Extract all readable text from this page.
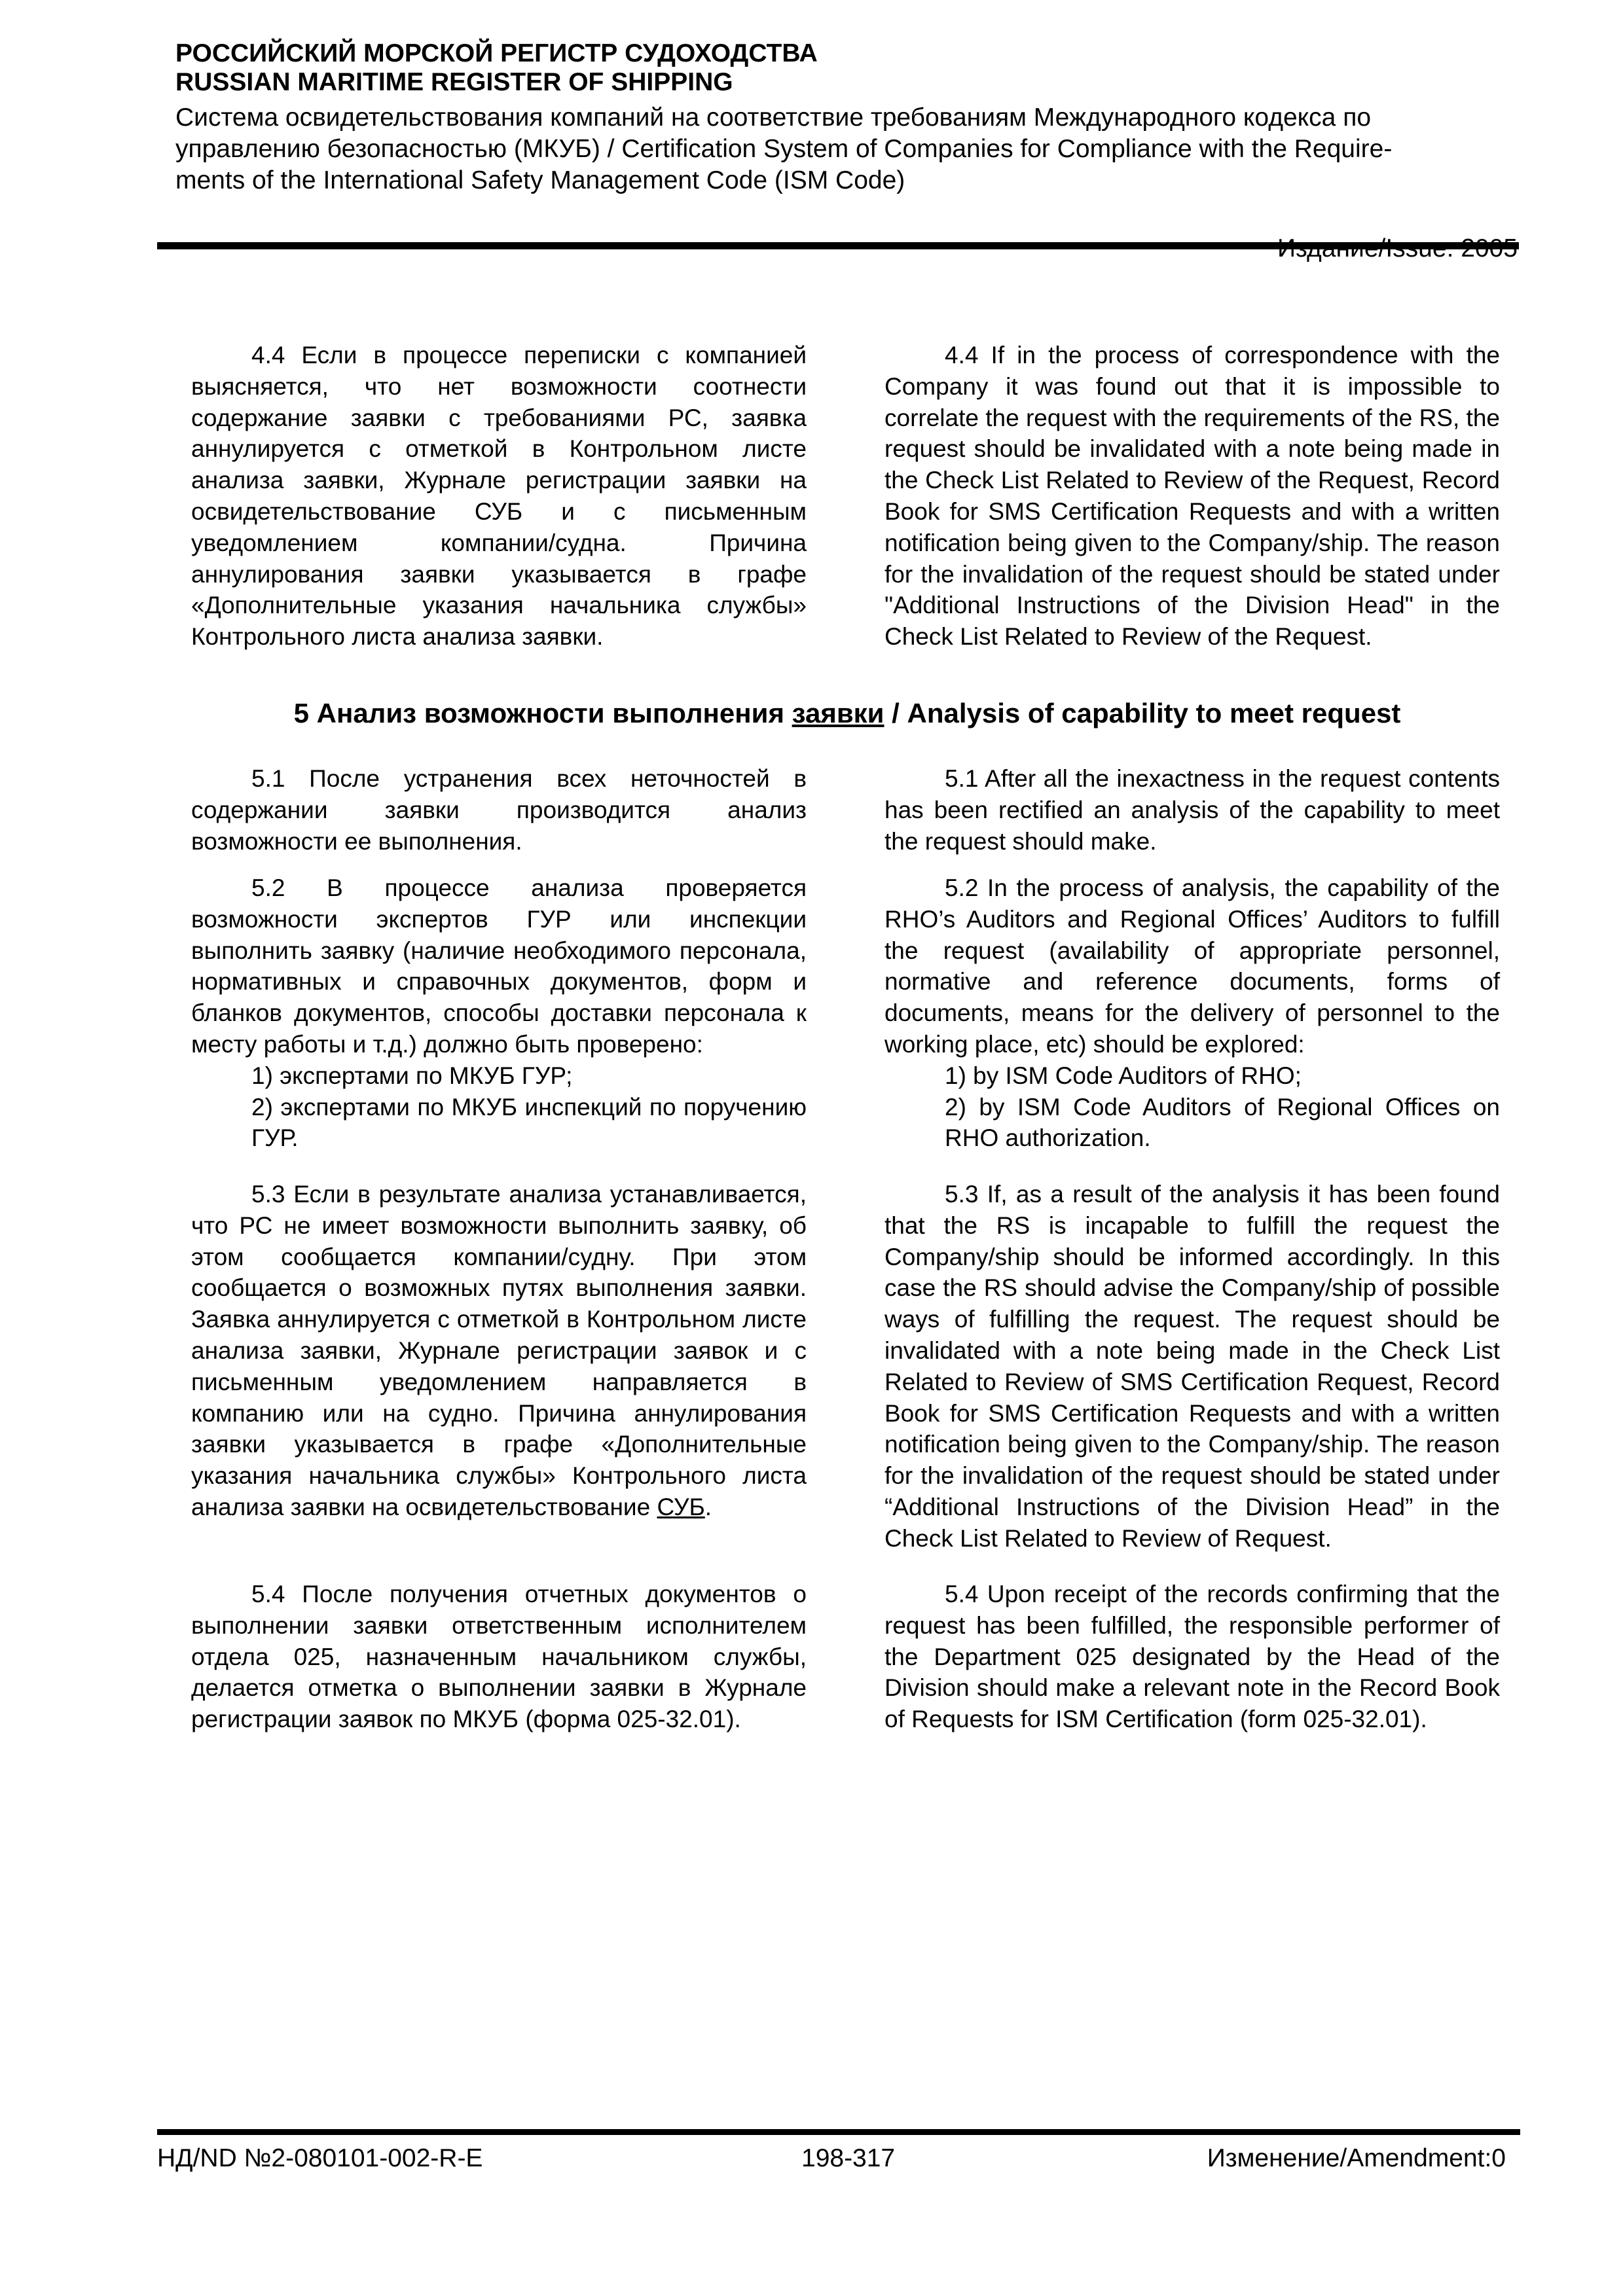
РОССИЙСКИЙ МОРСКОЙ РЕГИСТР СУДОХОДСТВА
RUSSIAN MARITIME REGISTER OF SHIPPING
Система освидетельствования компаний на соответствие требованиям Международного кодекса по
управлению безопасностью (МКУБ) / Certification System of Companies for Compliance with the Require-
ments of the International Safety Management Code (ISM Code)

4.4 Если в процессе переписки с компанией выясняется, что нет возможности соотнести содержание заявки с требованиями РС, заявка аннулируется с отметкой в Контрольном листе анализа заявки, Журнале регистрации заявки на освидетельствование СУБ и с письменным уведомлением компании/судна. Причина аннулирования заявки указывается в графе «Дополнительные указания начальника службы» Контрольного листа анализа заявки.

4.4 If in the process of correspondence with the Company it was found out that it is impossible to correlate the request with the requirements of the RS, the request should be invalidated with a note being made in the Check List Related to Review of the Request, Record Book for SMS Certification Requests and with a written notification being given to the Company/ship. The reason for the invalidation of the request should be stated under "Additional Instructions of the Division Head" in the Check List Related to Review of the Request.

5 Анализ возможности выполнения заявки / Analysis of capability to meet request

5.1 После устранения всех неточностей в содержании заявки производится анализ возможности ее выполнения.

5.1 After all the inexactness in the request contents has been rectified an analysis of the capability to meet the request should make.

5.2 В процессе анализа проверяется возможности экспертов ГУР или инспекции выполнить заявку (наличие необходимого персонала, нормативных и справочных документов, форм и бланков документов, способы доставки персонала к месту работы и т.д.) должно быть проверено:

1) экспертами по МКУБ ГУР;
2) экспертами по МКУБ инспекций по поручению ГУР.

5.2 In the process of analysis, the capability of the RHO’s Auditors and Regional Offices’ Auditors to fulfill the request (availability of appropriate personnel, normative and reference documents, forms of documents, means for the delivery of personnel to the working place, etc) should be explored:

1) by ISM Code Auditors of RHO;
2) by ISM Code Auditors of Regional Offices on RHO authorization.

5.3 Если в результате анализа устанавливается, что РС не имеет возможности выполнить заявку, об этом сообщается компании/судну. При этом сообщается о возможных путях выполнения заявки. Заявка аннулируется с отметкой в Контрольном листе анализа заявки, Журнале регистрации заявок и с письменным уведомлением направляется в компанию или на судно. Причина аннулирования заявки указывается в графе «Дополнительные указания начальника службы» Контрольного листа анализа заявки на освидетельствование СУБ.

5.3 If, as a result of the analysis it has been found that the RS is incapable to fulfill the request the Company/ship should be informed accordingly. In this case the RS should advise the Company/ship of possible ways of fulfilling the request. The request should be invalidated with a note being made in the Check List Related to Review of SMS Certification Request, Record Book for SMS Certification Requests and with a written notification being given to the Company/ship. The reason for the invalidation of the request should be stated under “Additional Instructions of the Division Head” in the Check List Related to Review of Request.

5.4 После получения отчетных документов о выполнении заявки ответственным исполнителем отдела 025, назначенным начальником службы, делается отметка о выполнении заявки в Журнале регистрации заявок по МКУБ (форма 025-32.01).

5.4 Upon receipt of the records confirming that the request has been fulfilled, the responsible performer of the Department 025 designated by the Head of the Division should make a relevant note in the Record Book of Requests for ISM Certification (form 025-32.01).

НД/ND №2-080101-002-R-E	198-317	Изменение/Amendment:0
